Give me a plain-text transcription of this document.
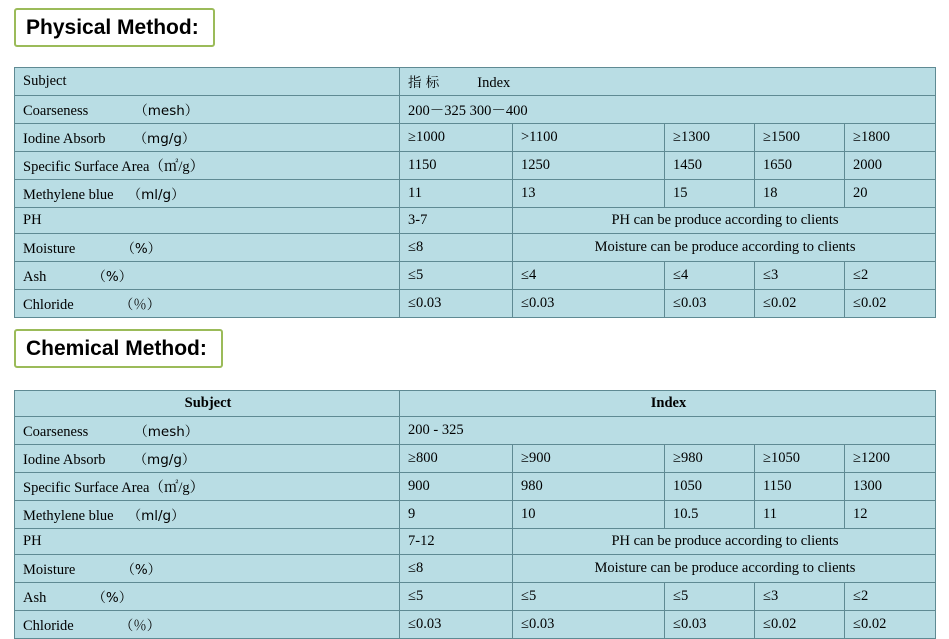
Physical Method:
Subject	指 标 Index				
Coarseness （mesh）	200－325 300－400				
Iodine Absorb （mg/g）	≥1000	>1100	≥1300	≥1500	≥1800
Specific Surface Area（㎡/g）	1150	1250	1450	1650	2000
Methylene blue （ml/g）	11	13	15	18	20
PH	3-7	PH can be produce according to clients			
Moisture （%）	≤8	Moisture can be produce according to clients			
Ash （%）	≤5	≤4	≤4	≤3	≤2
Chloride （％）	≤0.03	≤0.03	≤0.03	≤0.02	≤0.02
Chemical Method:
Subject	Index				
Coarseness （mesh）	200 - 325				
Iodine Absorb （mg/g）	≥800	≥900	≥980	≥1050	≥1200
Specific Surface Area（㎡/g）	900	980	1050	1150	1300
Methylene blue （ml/g）	9	10	10.5	11	12
PH	7-12	PH can be produce according to clients			
Moisture （%）	≤8	Moisture can be produce according to clients			
Ash （%）	≤5	≤5	≤5	≤3	≤2
Chloride （％）	≤0.03	≤0.03	≤0.03	≤0.02	≤0.02
